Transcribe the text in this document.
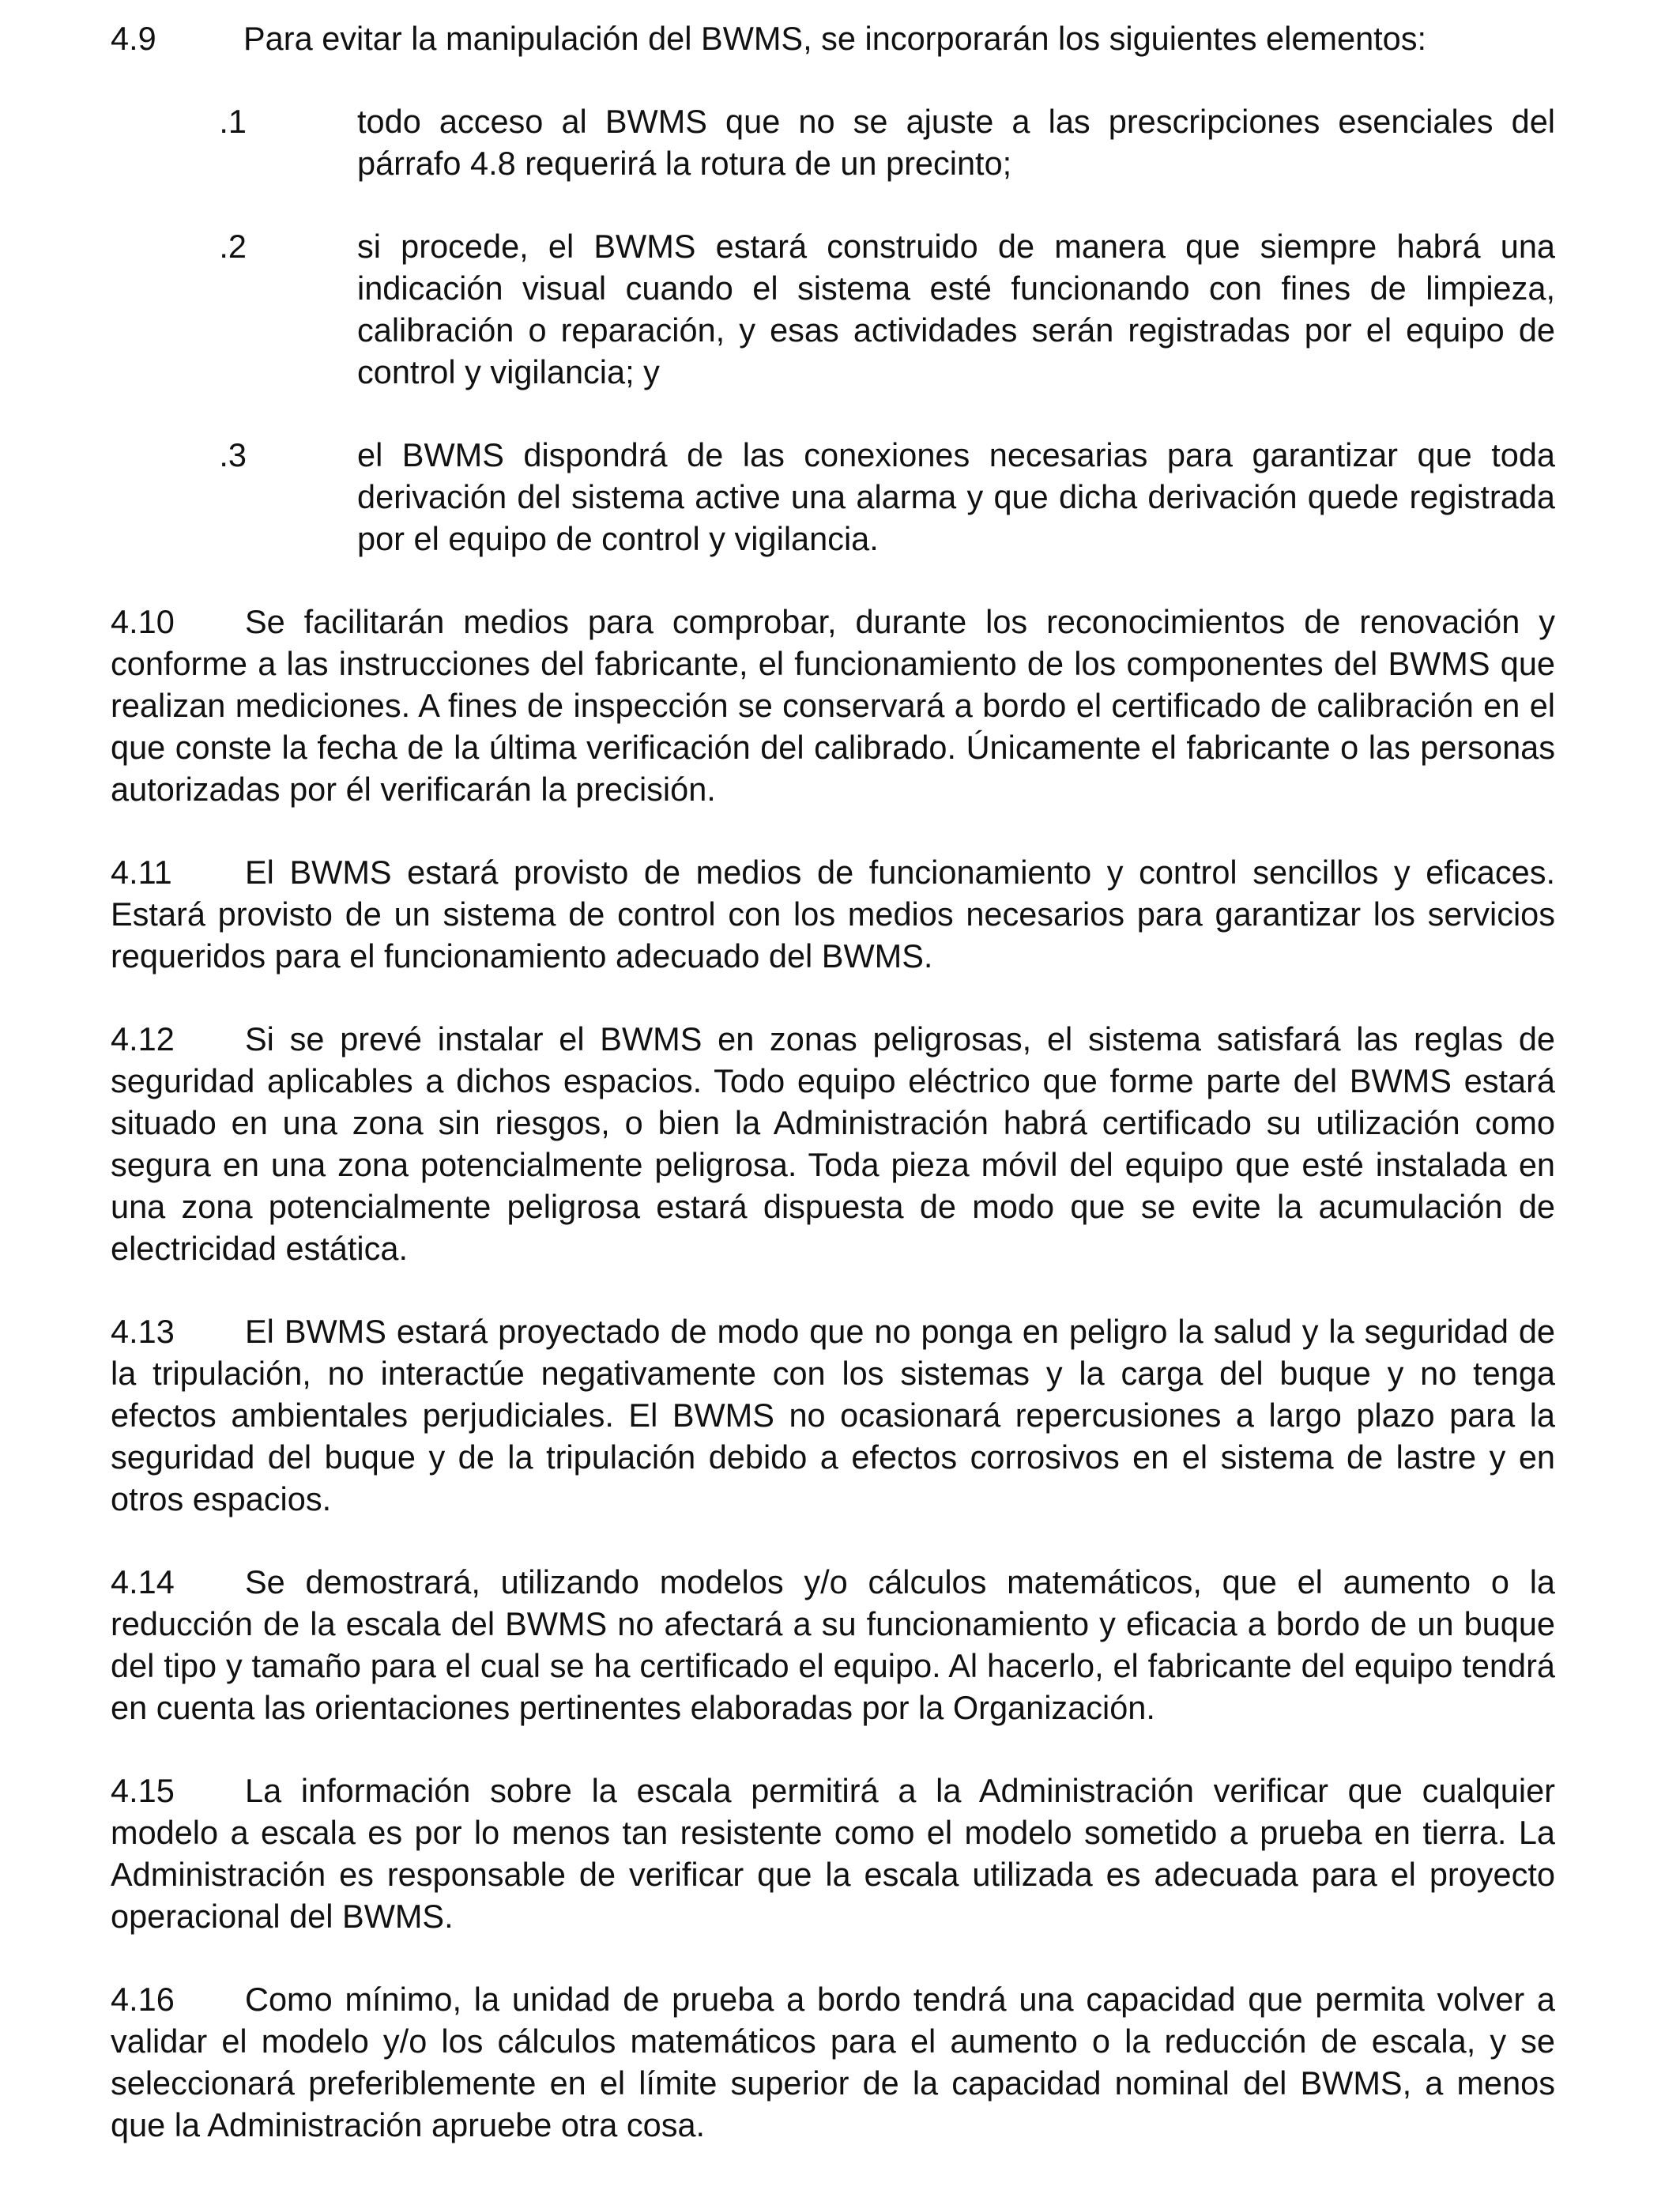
4.9	Para evitar la manipulación del BWMS, se incorporarán los siguientes elementos:
.1	todo acceso al BWMS que no se ajuste a las prescripciones esenciales del párrafo 4.8 requerirá la rotura de un precinto;
.2	si procede, el BWMS estará construido de manera que siempre habrá una indicación visual cuando el sistema esté funcionando con fines de limpieza, calibración o reparación, y esas actividades serán registradas por el equipo de control y vigilancia; y
.3	el BWMS dispondrá de las conexiones necesarias para garantizar que toda derivación del sistema active una alarma y que dicha derivación quede registrada por el equipo de control y vigilancia.
4.10 Se facilitarán medios para comprobar, durante los reconocimientos de renovación y conforme a las instrucciones del fabricante, el funcionamiento de los componentes del BWMS que realizan mediciones. A fines de inspección se conservará a bordo el certificado de calibración en el que conste la fecha de la última verificación del calibrado. Únicamente el fabricante o las personas autorizadas por él verificarán la precisión.
4.11 El BWMS estará provisto de medios de funcionamiento y control sencillos y eficaces. Estará provisto de un sistema de control con los medios necesarios para garantizar los servicios requeridos para el funcionamiento adecuado del BWMS.
4.12 Si se prevé instalar el BWMS en zonas peligrosas, el sistema satisfará las reglas de seguridad aplicables a dichos espacios. Todo equipo eléctrico que forme parte del BWMS estará situado en una zona sin riesgos, o bien la Administración habrá certificado su utilización como segura en una zona potencialmente peligrosa. Toda pieza móvil del equipo que esté instalada en una zona potencialmente peligrosa estará dispuesta de modo que se evite la acumulación de electricidad estática.
4.13 El BWMS estará proyectado de modo que no ponga en peligro la salud y la seguridad de la tripulación, no interactúe negativamente con los sistemas y la carga del buque y no tenga efectos ambientales perjudiciales. El BWMS no ocasionará repercusiones a largo plazo para la seguridad del buque y de la tripulación debido a efectos corrosivos en el sistema de lastre y en otros espacios.
4.14 Se demostrará, utilizando modelos y/o cálculos matemáticos, que el aumento o la reducción de la escala del BWMS no afectará a su funcionamiento y eficacia a bordo de un buque del tipo y tamaño para el cual se ha certificado el equipo. Al hacerlo, el fabricante del equipo tendrá en cuenta las orientaciones pertinentes elaboradas por la Organización.
4.15 La información sobre la escala permitirá a la Administración verificar que cualquier modelo a escala es por lo menos tan resistente como el modelo sometido a prueba en tierra. La Administración es responsable de verificar que la escala utilizada es adecuada para el proyecto operacional del BWMS.
4.16 Como mínimo, la unidad de prueba a bordo tendrá una capacidad que permita volver a validar el modelo y/o los cálculos matemáticos para el aumento o la reducción de escala, y se seleccionará preferiblemente en el límite superior de la capacidad nominal del BWMS, a menos que la Administración apruebe otra cosa.
